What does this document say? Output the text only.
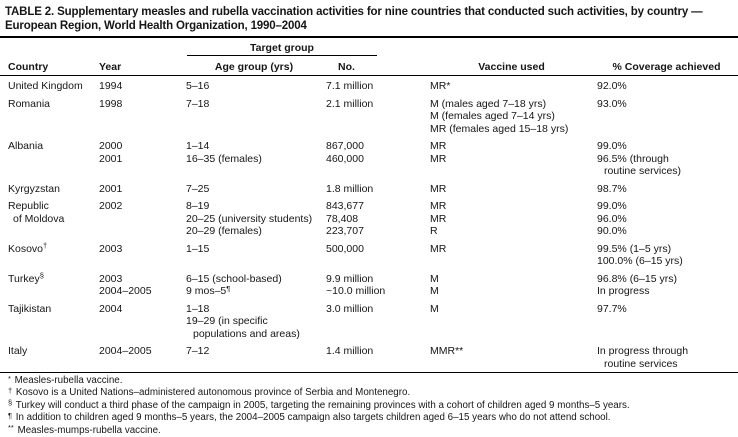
TABLE 2. Supplementary measles and rubella vaccination activities for nine countries that conducted such activities, by country — European Region, World Health Organization, 1990–2004

		Target group			

Country	Year	Age group (yrs)	No.	Vaccine used	% Coverage achieved
United Kingdom	1994	5–16	7.1 million	MR*	92.0%
Romania	1998	7–18	2.1 million	M (males aged 7–18 yrs)	93.0%
				M (females aged 7–14 yrs)	
				MR (females aged 15–18 yrs)	
Albania	2000	1–14	867,000	MR	99.0%
	2001	16–35 (females)	460,000	MR	96.5% (through
					routine services)
Kyrgyzstan	2001	7–25	1.8 million	MR	98.7%
Republic	2002	8–19	843,677	MR	99.0%
of Moldova		20–25 (university students)	78,408	MR	96.0%
		20–29 (females)	223,707	R	90.0%
Kosovo†	2003	1–15	500,000	MR	99.5% (1–5 yrs)
					100.0% (6–15 yrs)
Turkey§	2003	6–15 (school-based)	9.9 million	M	96.8% (6–15 yrs)
	2004–2005	9 mos–5¶	~10.0 million	M	In progress
Tajikistan	2004	1–18	3.0 million	M	97.7%
		19–29 (in specific			
		populations and areas)			
Italy	2004–2005	7–12	1.4 million	MMR**	In progress through
					routine services
* Measles-rubella vaccine.
† Kosovo is a United Nations–administered autonomous province of Serbia and Montenegro.
§ Turkey will conduct a third phase of the campaign in 2005, targeting the remaining provinces with a cohort of children aged 9 months–5 years.
¶ In addition to children aged 9 months–5 years, the 2004–2005 campaign also targets children aged 6–15 years who do not attend school.
** Measles-mumps-rubella vaccine.
